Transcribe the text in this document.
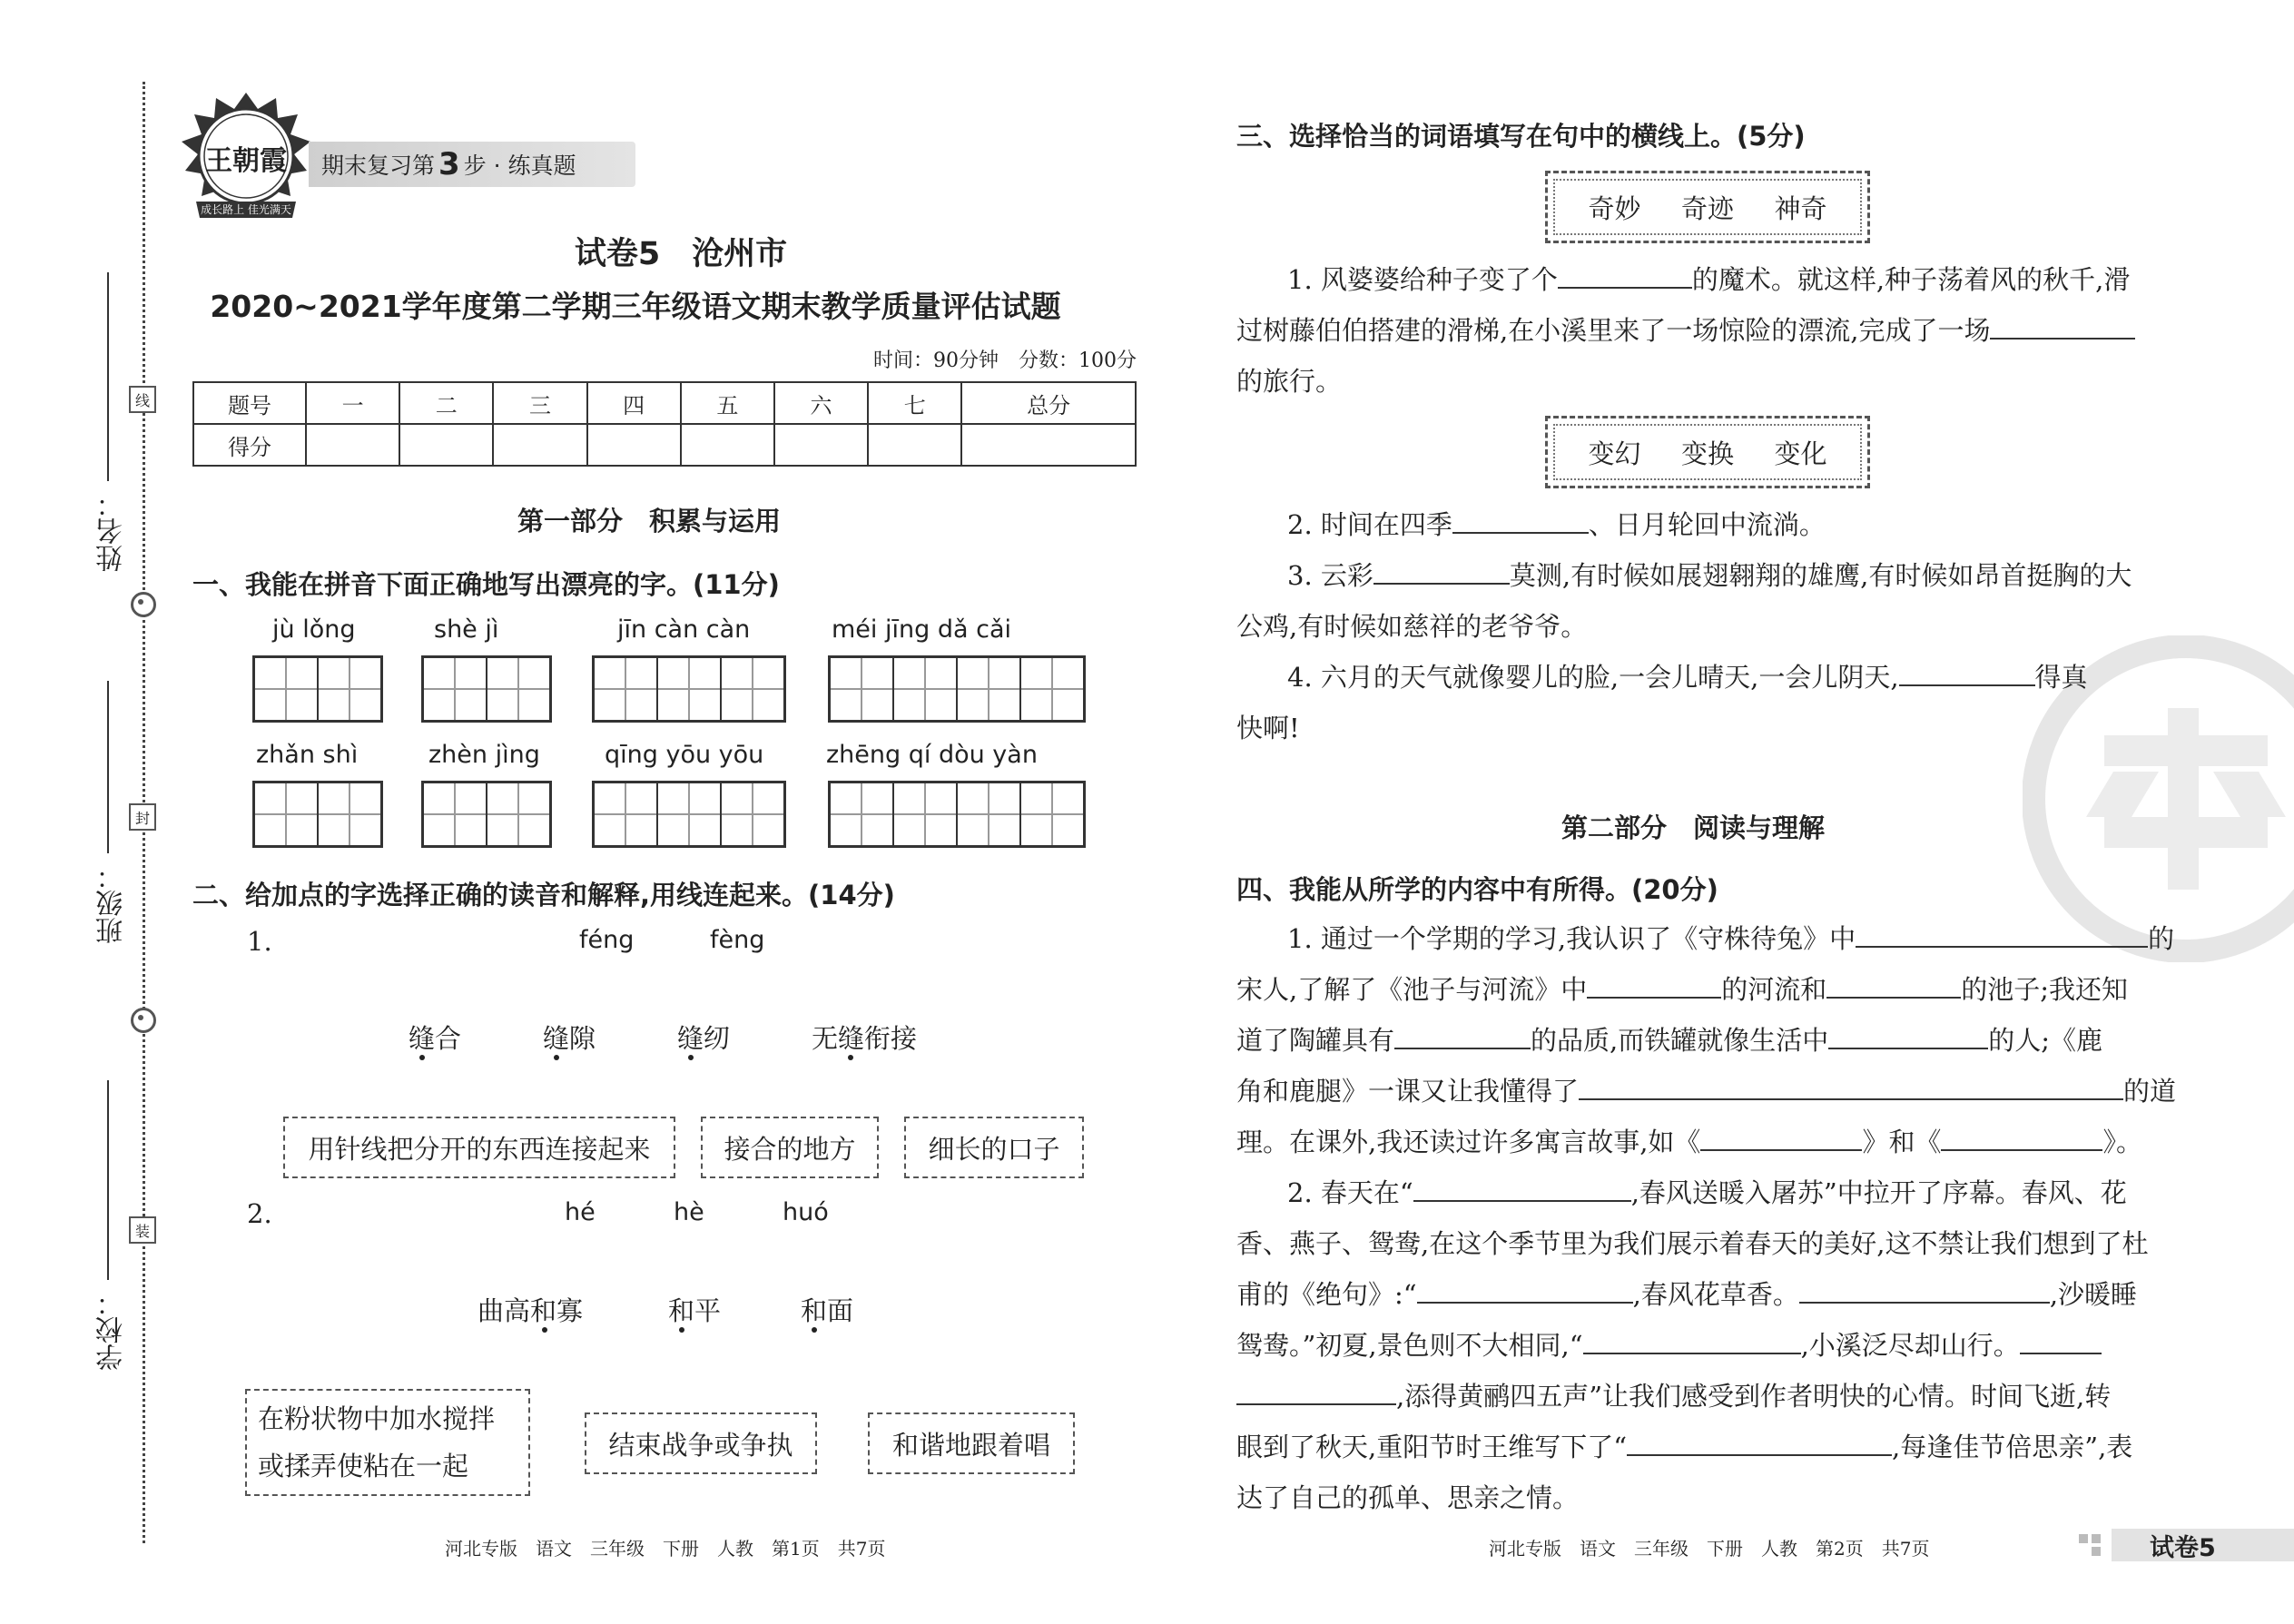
学校：
班级：
姓名：
装
封
线
王朝霞
成长路上 佳光满天
期末复习第 3 步 · 练真题
试卷5　沧州市
2020~2021学年度第二学期三年级语文期末教学质量评估试题
时间：90分钟　分数：100分
题号	一	二	三	四	五	六	七	总分
得分								
第一部分　积累与运用
一、我能在拼音下面正确地写出漂亮的字。(11分)
jù lǒng	shè jì	jīn càn càn	méi jīng dǎ cǎi
zhǎn shì	zhèn jìng	qīng yōu yōu	zhēng qí dòu yàn
二、给加点的字选择正确的读音和解释,用线连起来。(14分)
1.	féng	fèng
缝合	缝隙	缝纫	无缝衔接
用针线把分开的东西连接起来	接合的地方	细长的口子
2.	hé	hè	huó
曲高和寡	和平	和面
在粉状物中加水搅拌或揉弄使粘在一起
结束战争或争执	和谐地跟着唱
河北专版　语文　三年级　下册　人教　第1页　共7页
三、选择恰当的词语填写在句中的横线上。(5分)
奇妙 奇迹 神奇
1. 风婆婆给种子变了个	的魔术。就这样,种子荡着风的秋千,滑
过树藤伯伯搭建的滑梯,在小溪里来了一场惊险的漂流,完成了一场
的旅行。
变幻 变换 变化
2. 时间在四季	、日月轮回中流淌。
3. 云彩	莫测,有时候如展翅翱翔的雄鹰,有时候如昂首挺胸的大
公鸡,有时候如慈祥的老爷爷。
4. 六月的天气就像婴儿的脸,一会儿晴天,一会儿阴天,	得真
快啊!
第二部分　阅读与理解
四、我能从所学的内容中有所得。(20分)
1. 通过一个学期的学习,我认识了《守株待兔》中	的
宋人,了解了《池子与河流》中	的河流和	的池子;我还知
道了陶罐具有	的品质,而铁罐就像生活中	的人;《鹿
角和鹿腿》一课又让我懂得了	的道
理。在课外,我还读过许多寓言故事,如《	》和《	》。
2. 春天在“	,春风送暖入屠苏”中拉开了序幕。春风、花
香、燕子、鸳鸯,在这个季节里为我们展示着春天的美好,这不禁让我们想到了杜
甫的《绝句》:“	,春风花草香。	,沙暖睡
鸳鸯。”初夏,景色则不大相同,“	,小溪泛尽却山行。
,添得黄鹂四五声”让我们感受到作者明快的心情。时间飞逝,转
眼到了秋天,重阳节时王维写下了“	,每逢佳节倍思亲”,表
达了自己的孤单、思亲之情。
河北专版　语文　三年级　下册　人教　第2页　共7页	试卷5
